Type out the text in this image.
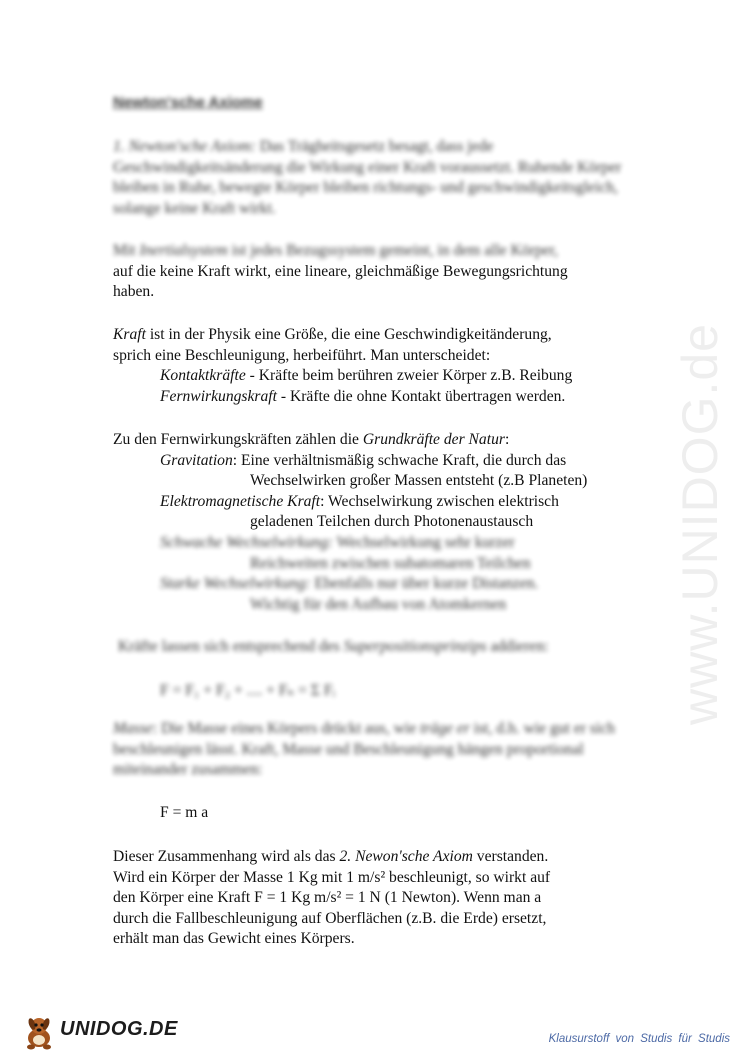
Newton'sche Axiome
1. Newton'sche Axiom: Das Trägheitsgesetz besagt, dass jede Geschwindigkeitsänderung die Wirkung einer Kraft voraussetzt. Ruhende Körper bleiben in Ruhe, bewegte Körper bleiben richtungs- und geschwindigkeitsgleich, solange keine Kraft wirkt.
Mit Inertialsystem ist jedes Bezugssystem gemeint, in dem alle Körper,
auf die keine Kraft wirkt, eine lineare, gleichmäßige Bewegungsrichtung
haben.
Kraft ist in der Physik eine Größe, die eine Geschwindigkeitänderung,
sprich eine Beschleunigung, herbeiführt. Man unterscheidet:
Kontaktkräfte - Kräfte beim berühren zweier Körper z.B. Reibung
Fernwirkungskraft - Kräfte die ohne Kontakt übertragen werden.
Zu den Fernwirkungskräften zählen die Grundkräfte der Natur:
Gravitation: Eine verhältnismäßig schwache Kraft, die durch das
Wechselwirken großer Massen entsteht (z.B Planeten)
Elektromagnetische Kraft: Wechselwirkung zwischen elektrisch
geladenen Teilchen durch Photonenaustausch
Schwache Wechselwirkung: Wechselwirkung sehr kurzer
Reichweiten zwischen subatomaren Teilchen
Starke Wechselwirkung: Ebenfalls nur über kurze Distanzen.
Wichtig für den Aufbau von Atomkernen
Kräfte lassen sich entsprechend des Superpositionsprinzips addieren:
F = F₁ + F₂ + .... + Fₙ = Σ Fᵢ
Masse: Die Masse eines Körpers drückt aus, wie träge er ist, d.h. wie gut er sich beschleunigen lässt. Kraft, Masse und Beschleunigung hängen proportional miteinander zusammen:
F = m a
Dieser Zusammenhang wird als das 2. Newon'sche Axiom verstanden.
Wird ein Körper der Masse 1 Kg mit 1 m/s² beschleunigt, so wirkt auf
den Körper eine Kraft F = 1 Kg m/s² = 1 N (1 Newton). Wenn man a
durch die Fallbeschleunigung auf Oberflächen (z.B. die Erde) ersetzt,
erhält man das Gewicht eines Körpers.
www.UNIDOG.de
UNIDOG.DE	Klausurstoff von Studis für Studis
